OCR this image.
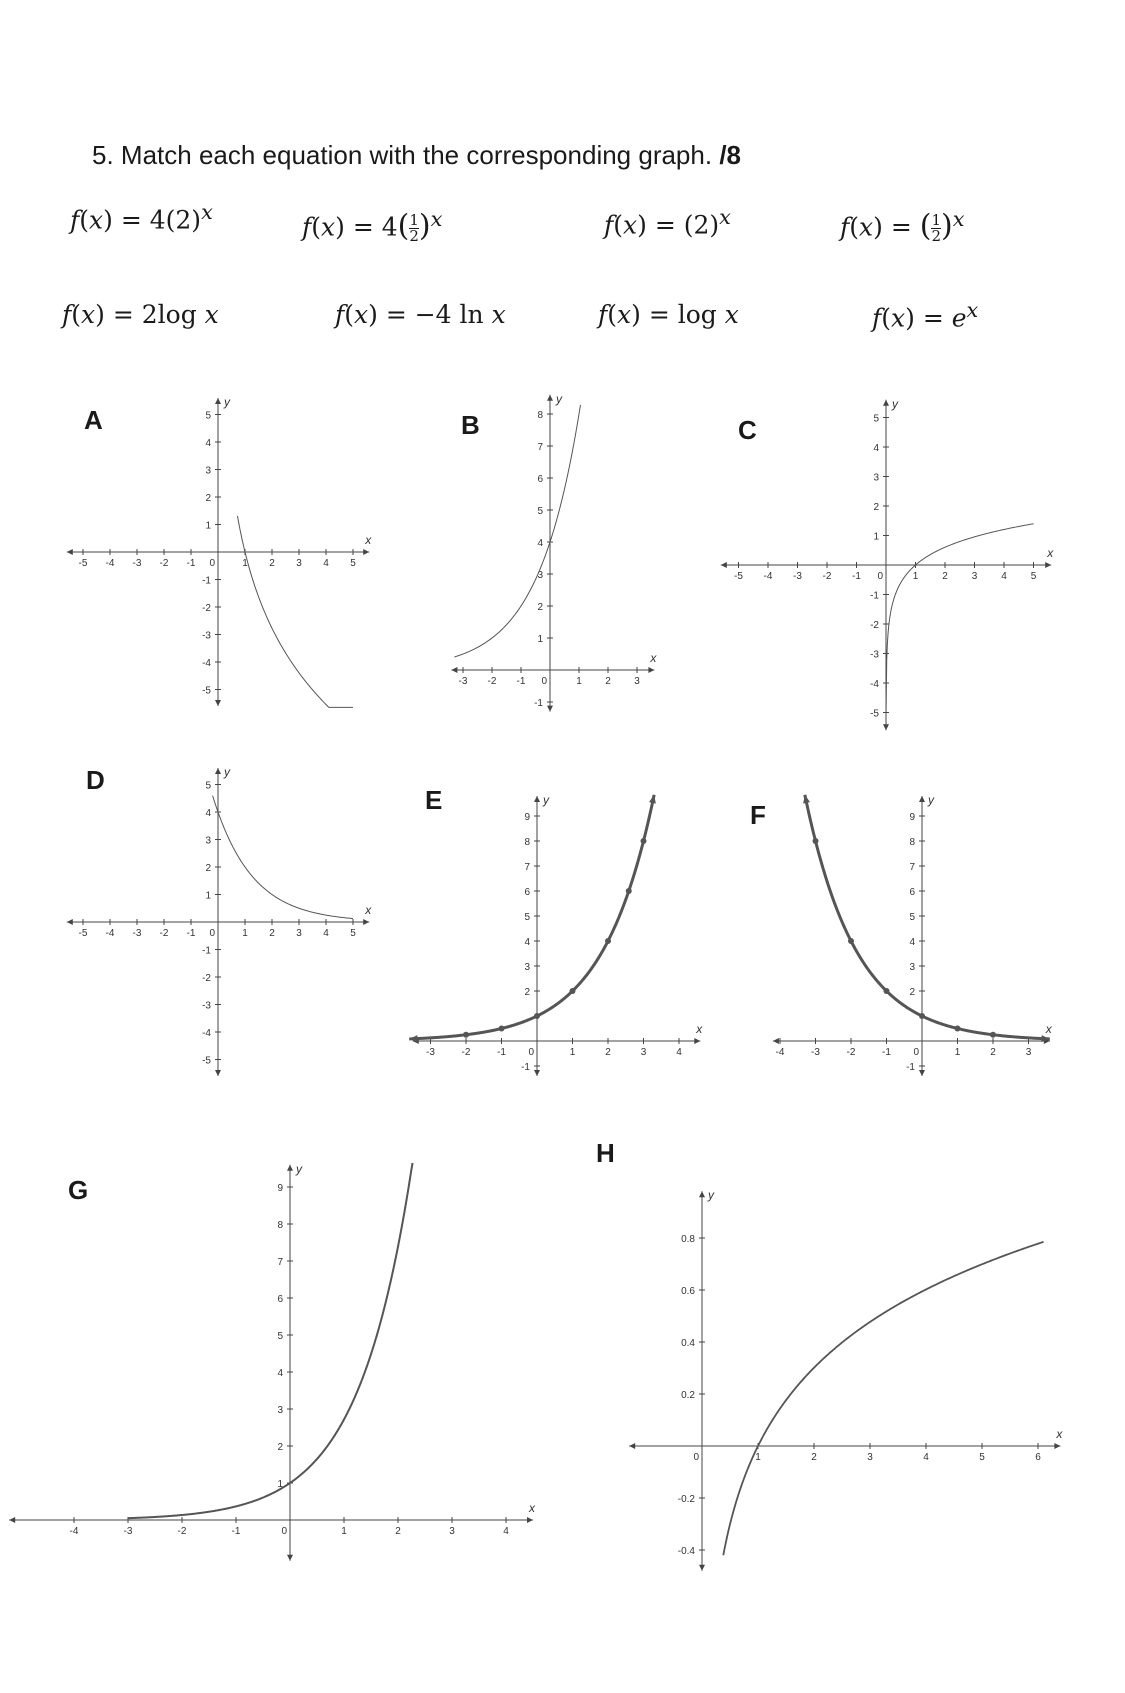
5. Match each equation with the corresponding graph. /8
$f(x) = 4(2)^x$
f(x) = 4(1

2 )$^x$	$f(x) = (2)^x$	f(x) = (1

2 )$^x$
f(x) = 2log x	f(x) = −4 ln x	f(x) = log x	$f(x) = e^x$
A	B	C
D
E	F
G
H
x
y
-5 -4 -3 -2 -1	1 2 3 4 5
5
4
3
2
1
-1
-2
-3
-4
-5
0
x
y
-3 -2 -1	1 2 3
8
7
6
5
4
3
2
1
-1
0
x
y
-5 -4 -3 -2 -1	1 2 3 4 5
5
4
3
2
1
-1
-2
-3
-4
-5
0
x
y
-5 -4 -3 -2 -1	1 2 3 4 5
5
4
3
2
1
-1
-2
-3
-4
-5
0
x
y
-3	-2	-1	1	2	3	4
9
8
7
6
5
4
3
2
-1
0
x
y
-4	-3	-2	-1	1	2	3
9
8
7
6
5
4
3
2
-1
0
x
y
-4	-3	-2	-1	1	2	3	4
9
8
7
6
5
4
3
2
1
0
x
y
1	2	3	4	5	6
0.8
0.6
0.4
0.2
-0.2
-0.4
0
